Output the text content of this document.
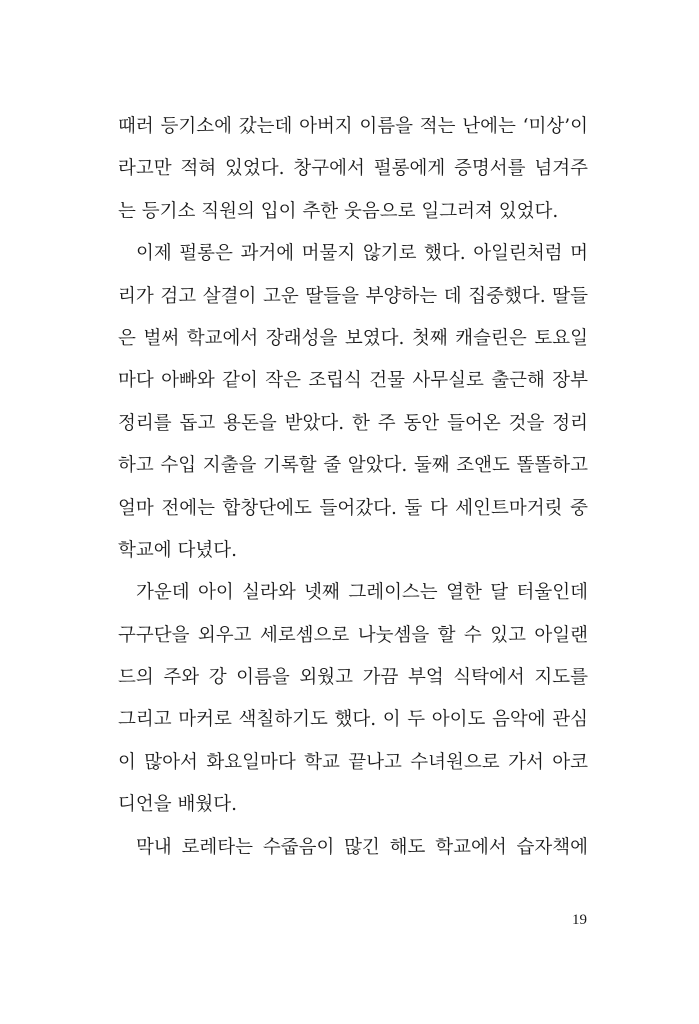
때러 등기소에 갔는데 아버지 이름을 적는 난에는 ‘미상’이
라고만 적혀 있었다. 창구에서 펄롱에게 증명서를 넘겨주
는 등기소 직원의 입이 추한 웃음으로 일그러져 있었다.
이제 펄롱은 과거에 머물지 않기로 했다. 아일린처럼 머
리가 검고 살결이 고운 딸들을 부양하는 데 집중했다. 딸들
은 벌써 학교에서 장래성을 보였다. 첫째 캐슬린은 토요일
마다 아빠와 같이 작은 조립식 건물 사무실로 출근해 장부
정리를 돕고 용돈을 받았다. 한 주 동안 들어온 것을 정리
하고 수입 지출을 기록할 줄 알았다. 둘째 조앤도 똘똘하고
얼마 전에는 합창단에도 들어갔다. 둘 다 세인트마거릿 중
학교에 다녔다.
가운데 아이 실라와 넷째 그레이스는 열한 달 터울인데
구구단을 외우고 세로셈으로 나눗셈을 할 수 있고 아일랜
드의 주와 강 이름을 외웠고 가끔 부엌 식탁에서 지도를
그리고 마커로 색칠하기도 했다. 이 두 아이도 음악에 관심
이 많아서 화요일마다 학교 끝나고 수녀원으로 가서 아코
디언을 배웠다.
막내 로레타는 수줍음이 많긴 해도 학교에서 습자책에
19
